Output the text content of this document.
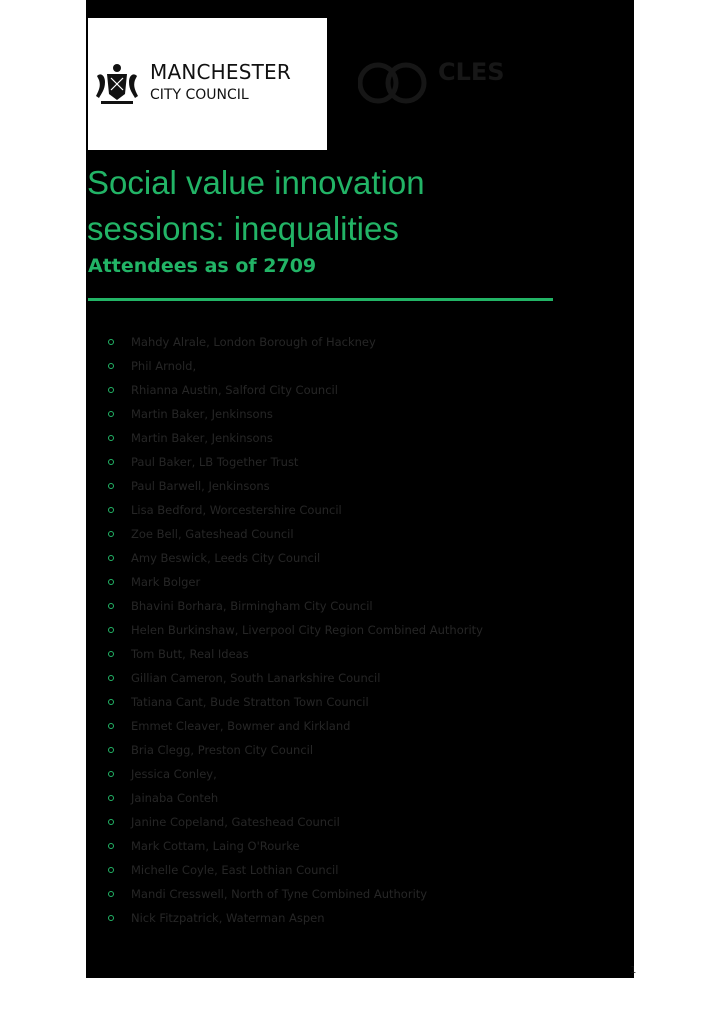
MANCHESTER
CITY COUNCIL
CLES
Social value innovation sessions: inequalities
Attendees as of 2709
Mahdy Alrale, London Borough of Hackney
Phil Arnold,
Rhianna Austin, Salford City Council
Martin Baker, Jenkinsons
Martin Baker, Jenkinsons
Paul Baker, LB Together Trust
Paul Barwell, Jenkinsons
Lisa Bedford, Worcestershire Council
Zoe Bell, Gateshead Council
Amy Beswick, Leeds City Council
Mark Bolger
Bhavini Borhara, Birmingham City Council
Helen Burkinshaw, Liverpool City Region Combined Authority
Tom Butt, Real Ideas
Gillian Cameron, South Lanarkshire Council
Tatiana Cant, Bude Stratton Town Council
Emmet Cleaver, Bowmer and Kirkland
Bria Clegg, Preston City Council
Jessica Conley,
Jainaba Conteh
Janine Copeland, Gateshead Council
Mark Cottam, Laing O'Rourke
Michelle Coyle, East Lothian Council
Mandi Cresswell, North of Tyne Combined Authority
Nick Fitzpatrick, Waterman Aspen
1
